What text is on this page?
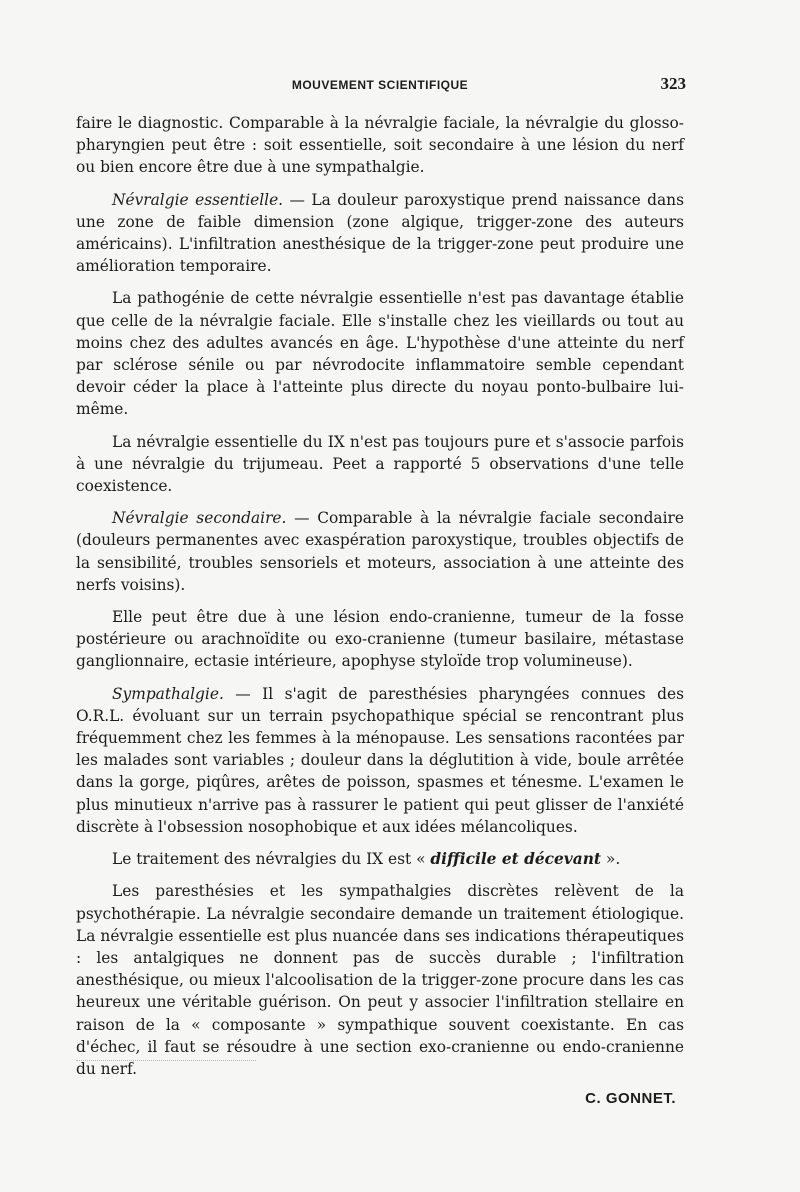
MOUVEMENT SCIENTIFIQUE	323

faire le diagnostic. Comparable à la névralgie faciale, la névralgie du glosso-pharyngien peut être : soit essentielle, soit secondaire à une lésion du nerf ou bien encore être due à une sympathalgie.

Névralgie essentielle. — La douleur paroxystique prend naissance dans une zone de faible dimension (zone algique, trigger-zone des auteurs américains). L'infiltration anesthésique de la trigger-zone peut produire une amélioration temporaire.

La pathogénie de cette névralgie essentielle n'est pas davantage établie que celle de la névralgie faciale. Elle s'installe chez les vieillards ou tout au moins chez des adultes avancés en âge. L'hypothèse d'une atteinte du nerf par sclérose sénile ou par névrodocite inflammatoire semble cependant devoir céder la place à l'atteinte plus directe du noyau ponto-bulbaire lui-même.

La névralgie essentielle du IX n'est pas toujours pure et s'associe parfois à une névralgie du trijumeau. Peet a rapporté 5 observations d'une telle coexistence.

Névralgie secondaire. — Comparable à la névralgie faciale secondaire (douleurs permanentes avec exaspération paroxystique, troubles objectifs de la sensibilité, troubles sensoriels et moteurs, association à une atteinte des nerfs voisins).

Elle peut être due à une lésion endo-cranienne, tumeur de la fosse postérieure ou arachnoïdite ou exo-cranienne (tumeur basilaire, métastase ganglionnaire, ectasie intérieure, apophyse styloïde trop volumineuse).

Sympathalgie. — Il s'agit de paresthésies pharyngées connues des O.R.L. évoluant sur un terrain psychopathique spécial se rencontrant plus fréquemment chez les femmes à la ménopause. Les sensations racontées par les malades sont variables ; douleur dans la déglutition à vide, boule arrêtée dans la gorge, piqûres, arêtes de poisson, spasmes et ténesme. L'examen le plus minutieux n'arrive pas à rassurer le patient qui peut glisser de l'anxiété discrète à l'obsession nosophobique et aux idées mélancoliques.

Le traitement des névralgies du IX est « difficile et décevant ».

Les paresthésies et les sympathalgies discrètes relèvent de la psychothérapie. La névralgie secondaire demande un traitement étiologique. La névralgie essentielle est plus nuancée dans ses indications thérapeutiques : les antalgiques ne donnent pas de succès durable ; l'infiltration anesthésique, ou mieux l'alcoolisation de la trigger-zone procure dans les cas heureux une véritable guérison. On peut y associer l'infiltration stellaire en raison de la « composante » sympathique souvent coexistante. En cas d'échec, il faut se résoudre à une section exo-cranienne ou endo-cranienne du nerf.

C. GONNET.
